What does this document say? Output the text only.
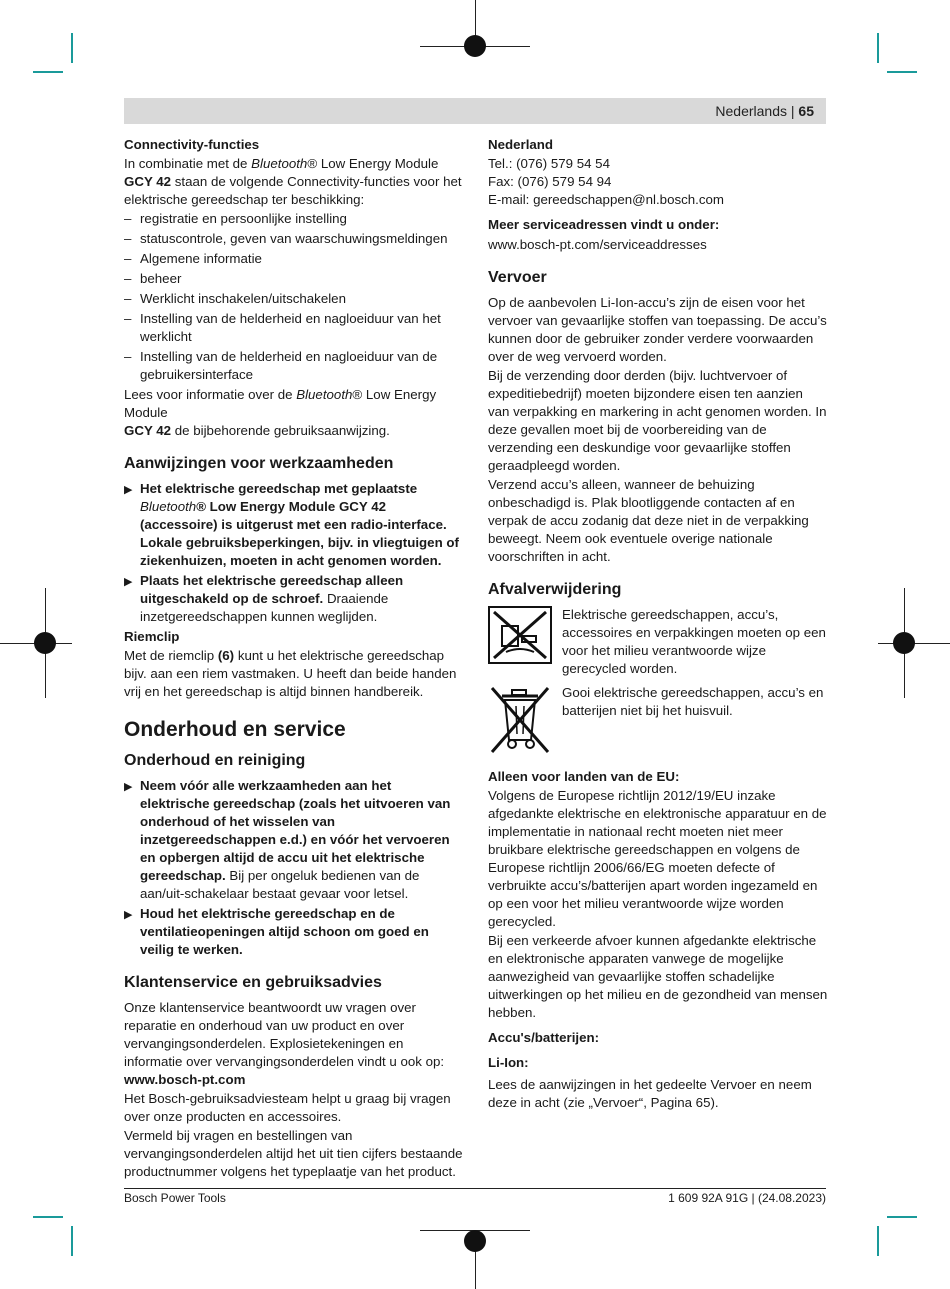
Nederlands | 65

Connectivity-functies

In combinatie met de Bluetooth® Low Energy Module
GCY 42 staan de volgende Connectivity-functies voor het elektrische gereedschap ter beschikking:

– registratie en persoonlijke instelling
– statuscontrole, geven van waarschuwingsmeldingen
– Algemene informatie
– beheer
– Werklicht inschakelen/uitschakelen
– Instelling van de helderheid en nagloeiduur van het werklicht
– Instelling van de helderheid en nagloeiduur van de gebruikersinterface

Lees voor informatie over de Bluetooth® Low Energy Module
GCY 42 de bijbehorende gebruiksaanwijzing.

Aanwijzingen voor werkzaamheden
▶ Het elektrische gereedschap met geplaatste
Bluetooth® Low Energy Module GCY 42 (accessoire) is uitgerust met een radio-interface. Lokale gebruiksbeperkingen, bijv. in vliegtuigen of ziekenhuizen, moeten in acht genomen worden.
▶ Plaats het elektrische gereedschap alleen uitgeschakeld op de schroef. Draaiende inzetgereedschappen kunnen weglijden.

Riemclip

Met de riemclip (6) kunt u het elektrische gereedschap bijv. aan een riem vastmaken. U heeft dan beide handen vrij en het gereedschap is altijd binnen handbereik.

Onderhoud en service
Onderhoud en reiniging
▶ Neem vóór alle werkzaamheden aan het elektrische gereedschap (zoals het uitvoeren van onderhoud of het wisselen van inzetgereedschappen e.d.) en vóór het vervoeren en opbergen altijd de accu uit het elektrische gereedschap. Bij per ongeluk bedienen van de aan/uit-schakelaar bestaat gevaar voor letsel.
▶ Houd het elektrische gereedschap en de ventilatieopeningen altijd schoon om goed en veilig te werken.
Klantenservice en gebruiksadvies

Onze klantenservice beantwoordt uw vragen over reparatie en onderhoud van uw product en over vervangingsonderdelen. Explosietekeningen en informatie over vervangingsonderdelen vindt u ook op: www.bosch-pt.com

Het Bosch-gebruiksadviesteam helpt u graag bij vragen over onze producten en accessoires.

Vermeld bij vragen en bestellingen van vervangingsonderdelen altijd het uit tien cijfers bestaande productnummer volgens het typeplaatje van het product.

Nederland

Tel.: (076) 579 54 54

Fax: (076) 579 54 94

E-mail: gereedschappen@nl.bosch.com

Meer serviceadressen vindt u onder:

www.bosch-pt.com/serviceaddresses

Vervoer

Op de aanbevolen Li-Ion-accu’s zijn de eisen voor het vervoer van gevaarlijke stoffen van toepassing. De accu’s kunnen door de gebruiker zonder verdere voorwaarden over de weg vervoerd worden.

Bij de verzending door derden (bijv. luchtvervoer of expeditiebedrijf) moeten bijzondere eisen ten aanzien van verpakking en markering in acht genomen worden. In deze gevallen moet bij de voorbereiding van de verzending een deskundige voor gevaarlijke stoffen geraadpleegd worden.

Verzend accu’s alleen, wanneer de behuizing onbeschadigd is. Plak blootliggende contacten af en verpak de accu zodanig dat deze niet in de verpakking beweegt. Neem ook eventuele overige nationale voorschriften in acht.

Afvalverwijdering
Elektrische gereedschappen, accu’s, accessoires en verpakkingen moeten op een voor het milieu verantwoorde wijze gerecycled worden.
Gooi elektrische gereedschappen, accu’s en batterijen niet bij het huisvuil.

Alleen voor landen van de EU:

Volgens de Europese richtlijn 2012/19/EU inzake afgedankte elektrische en elektronische apparatuur en de implementatie in nationaal recht moeten niet meer bruikbare elektrische gereedschappen en volgens de Europese richtlijn 2006/66/EG moeten defecte of verbruikte accu’s/batterijen apart worden ingezameld en op een voor het milieu verantwoorde wijze worden gerecycled.

Bij een verkeerde afvoer kunnen afgedankte elektrische en elektronische apparaten vanwege de mogelijke aanwezigheid van gevaarlijke stoffen schadelijke uitwerkingen op het milieu en de gezondheid van mensen hebben.

Accu's/batterijen:

Li-Ion:

Lees de aanwijzingen in het gedeelte Vervoer en neem deze in acht (zie „Vervoer“, Pagina 65).

Bosch Power Tools	1 609 92A 91G | (24.08.2023)
